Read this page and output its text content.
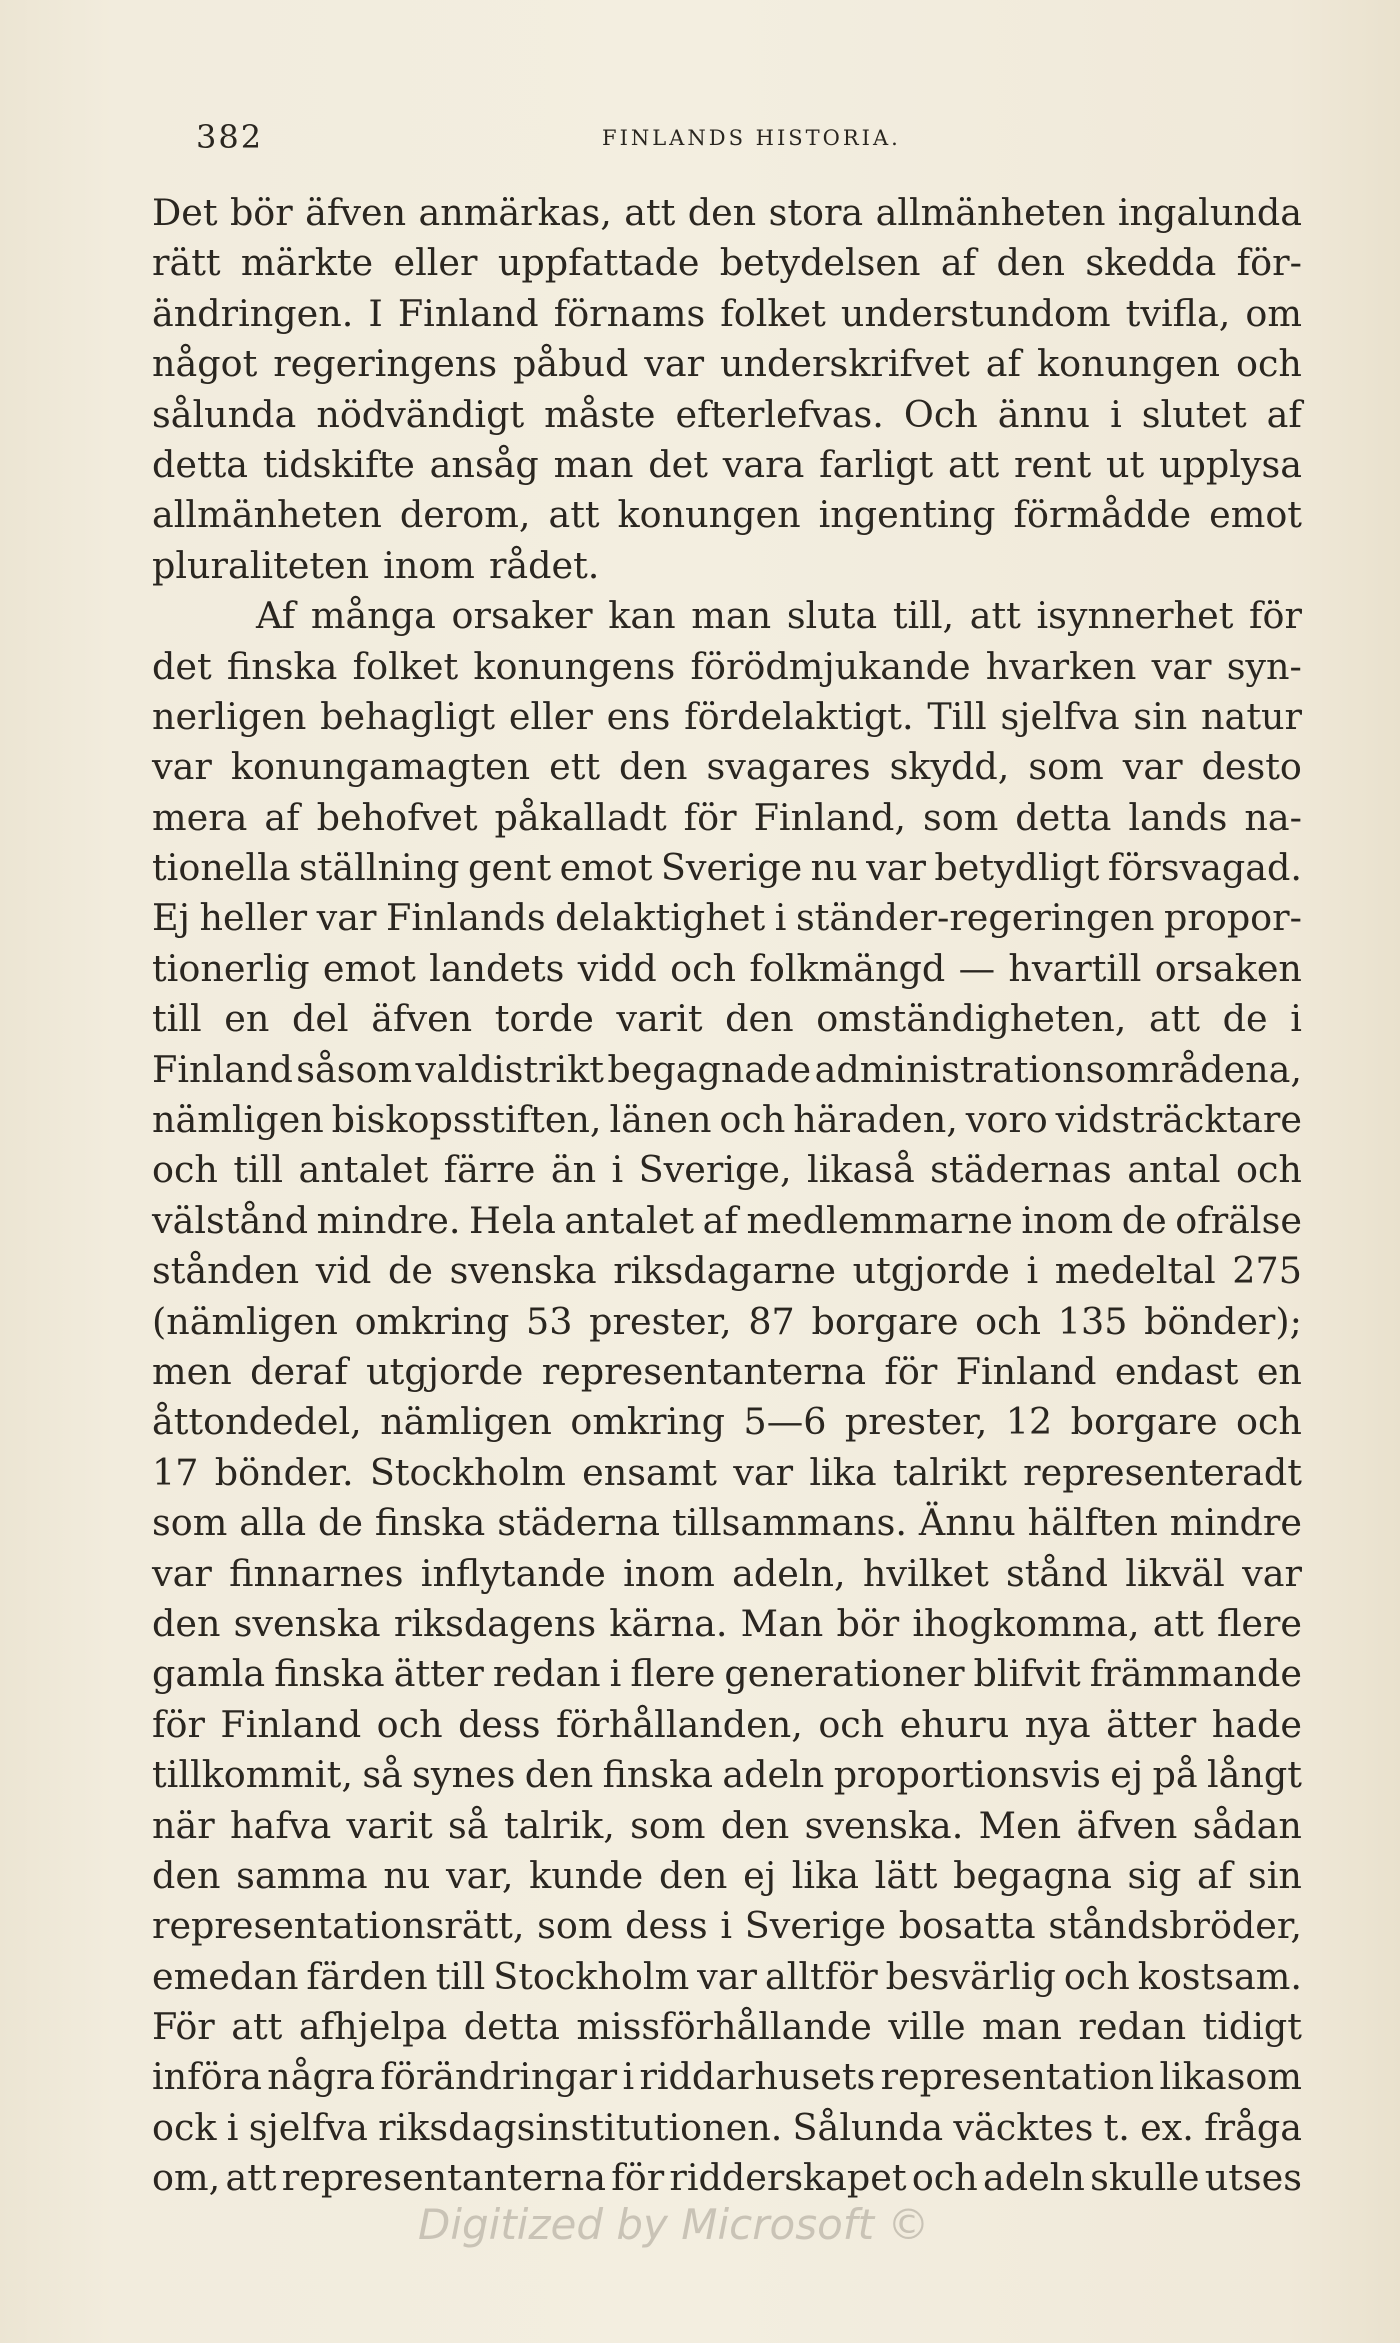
382	FINLANDS HISTORIA.
Det bör äfven anmärkas, att den stora allmänheten ingalunda
rätt märkte eller uppfattade betydelsen af den skedda för-
ändringen. I Finland förnams folket understundom tvifla, om
något regeringens påbud var underskrifvet af konungen och
sålunda nödvändigt måste efterlefvas. Och ännu i slutet af
detta tidskifte ansåg man det vara farligt att rent ut upplysa
allmänheten derom, att konungen ingenting förmådde emot
pluraliteten inom rådet.
Af många orsaker kan man sluta till, att isynnerhet för
det finska folket konungens förödmjukande hvarken var syn-
nerligen behagligt eller ens fördelaktigt. Till sjelfva sin natur
var konungamagten ett den svagares skydd, som var desto
mera af behofvet påkalladt för Finland, som detta lands na-
tionella ställning gent emot Sverige nu var betydligt försvagad.
Ej heller var Finlands delaktighet i ständer-regeringen propor-
tionerlig emot landets vidd och folkmängd — hvartill orsaken
till en del äfven torde varit den omständigheten, att de i
Finland såsom valdistrikt begagnade administrationsområdena,
nämligen biskopsstiften, länen och häraden, voro vidsträcktare
och till antalet färre än i Sverige, likaså städernas antal och
välstånd mindre. Hela antalet af medlemmarne inom de ofrälse
stånden vid de svenska riksdagarne utgjorde i medeltal 275
(nämligen omkring 53 prester, 87 borgare och 135 bönder);
men deraf utgjorde representanterna för Finland endast en
åttondedel, nämligen omkring 5—6 prester, 12 borgare och
17 bönder. Stockholm ensamt var lika talrikt representeradt
som alla de finska städerna tillsammans. Ännu hälften mindre
var finnarnes inflytande inom adeln, hvilket stånd likväl var
den svenska riksdagens kärna. Man bör ihogkomma, att flere
gamla finska ätter redan i flere generationer blifvit främmande
för Finland och dess förhållanden, och ehuru nya ätter hade
tillkommit, så synes den finska adeln proportionsvis ej på långt
när hafva varit så talrik, som den svenska. Men äfven sådan
den samma nu var, kunde den ej lika lätt begagna sig af sin
representationsrätt, som dess i Sverige bosatta ståndsbröder,
emedan färden till Stockholm var alltför besvärlig och kostsam.
För att afhjelpa detta missförhållande ville man redan tidigt
införa några förändringar i riddarhusets representation likasom
ock i sjelfva riksdagsinstitutionen. Sålunda väcktes t. ex. fråga
om, att representanterna för ridderskapet och adeln skulle utses
Digitized by Microsoft ©
